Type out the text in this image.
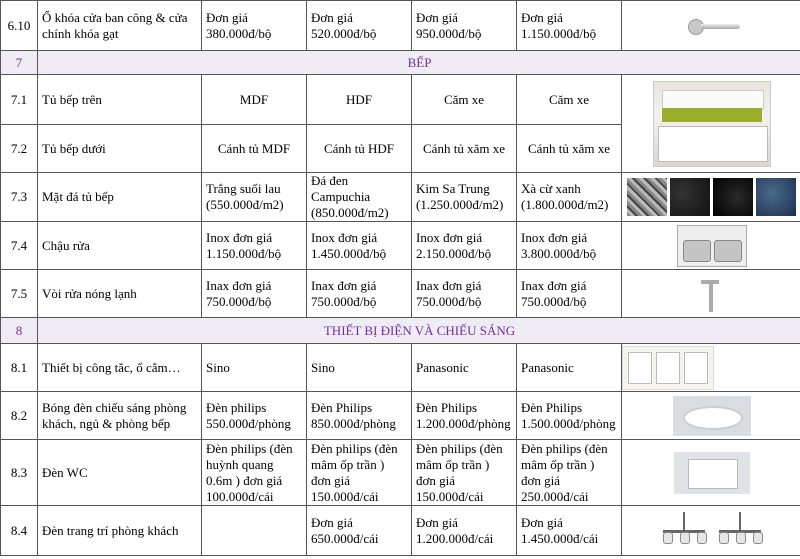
6.10	Ổ khóa cửa ban công & cửa chính khóa gạt	Đơn giá 380.000đ/bộ	Đơn giá 520.000đ/bộ	Đơn giá 950.000đ/bộ	Đơn giá 1.150.000đ/bộ	

7	BẾP					
7.1	Tủ bếp trên	MDF	HDF	Căm xe	Căm xe	

7.2	Tủ bếp dưới	Cánh tủ MDF	Cánh tủ HDF	Cánh tủ xăm xe	Cánh tủ xăm xe	
7.3	Mặt đá tủ bếp	Trắng suối lau (550.000đ/m2)	Đá đen Campuchia (850.000đ/m2)	Kim Sa Trung (1.250.000đ/m2)	Xà cừ xanh (1.800.000đ/m2)	

7.4	Chậu rửa	Inox đơn giá 1.150.000đ/bộ	Inox đơn giá 1.450.000đ/bộ	Inox đơn giá 2.150.000đ/bộ	Inox đơn giá 3.800.000đ/bộ	

7.5	Vòi rửa nóng lạnh	Inax đơn giá 750.000đ/bộ	Inax đơn giá 750.000đ/bộ	Inax đơn giá 750.000đ/bộ	Inax đơn giá 750.000đ/bộ	

8	THIẾT BỊ ĐIỆN VÀ CHIẾU SÁNG					
8.1	Thiết bị công tắc, ổ cắm…	Sino	Sino	Panasonic	Panasonic	

8.2	Bóng đèn chiếu sáng phòng khách, ngủ & phòng bếp	Đèn philips 550.000đ/phòng	Đèn Philips 850.000đ/phòng	Đèn Philips 1.200.000đ/phòng	Đèn Philips 1.500.000đ/phòng	

8.3	Đèn WC	Đèn philips (đèn huỳnh quang 0.6m ) đơn giá 100.000đ/cái	Đèn philips (đèn mâm ốp trần ) đơn giá 150.000đ/cái	Đèn philips (đèn mâm ốp trần ) đơn giá 150.000đ/cái	Đèn philips (đèn mâm ốp trần ) đơn giá 250.000đ/cái	

8.4	Đèn trang trí phòng khách		Đơn giá 650.000đ/cái	Đơn giá 1.200.000đ/cái	Đơn giá 1.450.000đ/cái	
